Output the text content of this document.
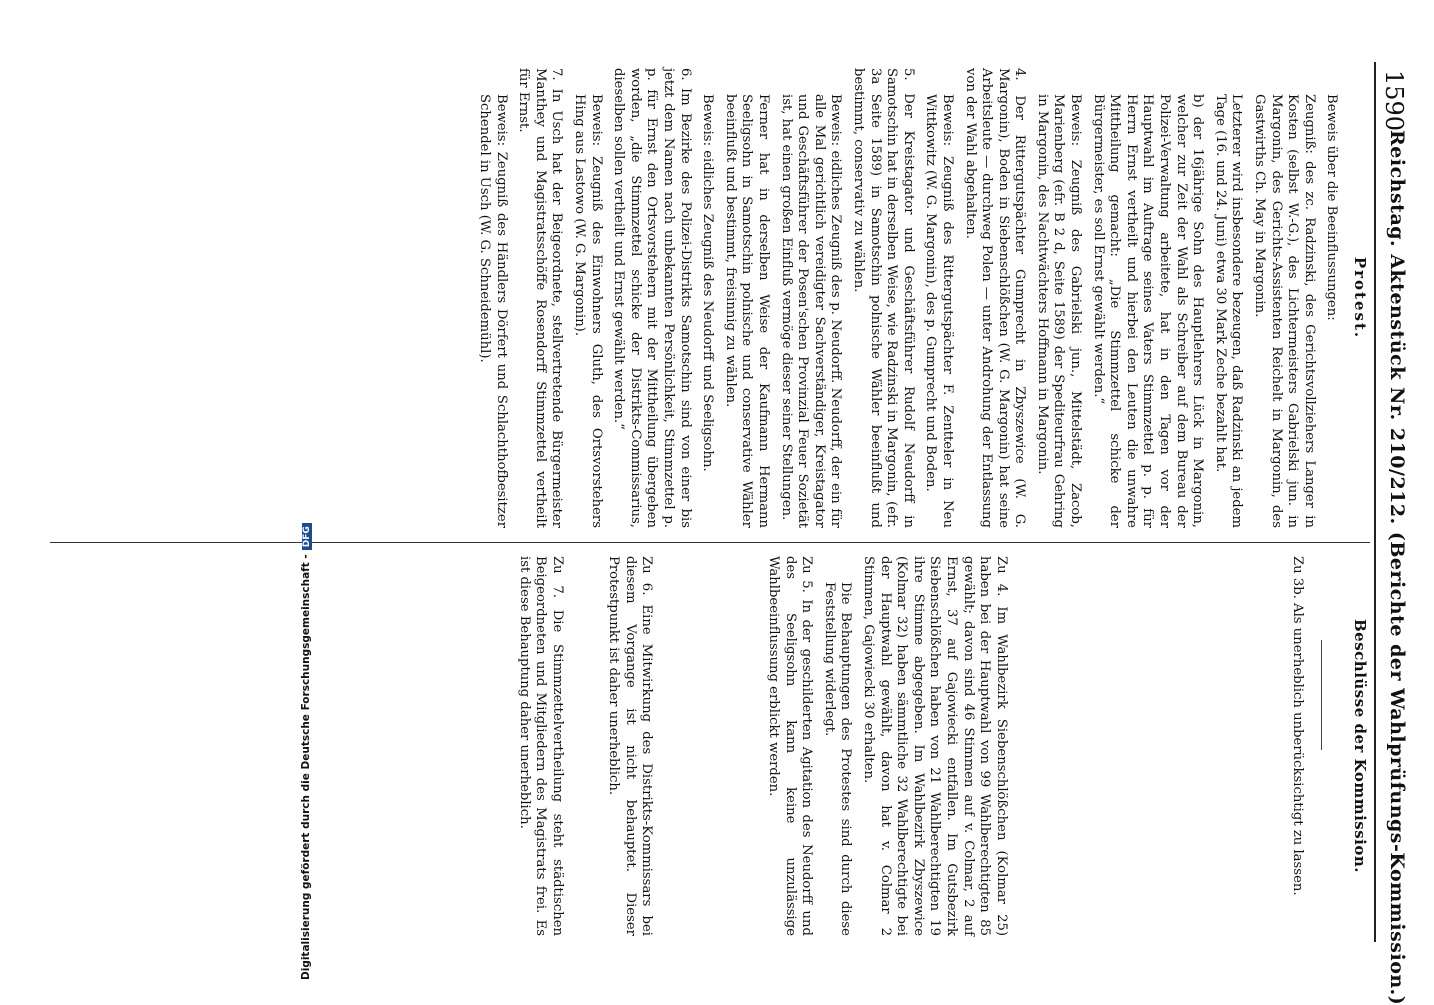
1590
Reichstag. Aktenstück Nr. 210/212. (Berichte der Wahlprüfungs-Kommission.)
Protest.

Beweis über die Beeinflussungen:

Zeugniß: des zc. Radzinski, des Gerichtsvollziehers Langer in Kosten (selbst W.-G.), des Lichtermeisters Gabrielski jun. in Margonin, des Gerichts-Assistenten Reichelt in Margonin, des Gastwirths Ch. May in Margonin.

Letzterer wird insbesondere bezeugen, daß Radzinski an jedem Tage (16. und 24. Juni) etwa 30 Mark Zeche bezahlt hat.

b) der 16jährige Sohn des Hauptlehrers Lück in Margonin, welcher zur Zeit der Wahl als Schreiber auf dem Bureau der Polizei-Verwaltung arbeitete, hat in den Tagen vor der Hauptwahl im Auftrage seines Vaters Stimmzettel p. p. für Herrn Ernst vertheilt und hierbei den Leuten die unwahre Mittheilung gemacht: „Die Stimmzettel schicke der Bürgermeister, es soll Ernst gewählt werden.“

Beweis: Zeugniß des Gabrielski jun., Mittelstädt, Zacob, Marienberg (efr. B 2 d, Seite 1589) der Spediteurfrau Gehring in Margonin, des Nachtwächters Hoffmann in Margonin.

4. Der Rittergutspächter Gumprecht in Zbyszewice (W. G. Margonin), Boden in Siebenschlößchen (W. G. Margonin) hat seine Arbeitsleute — durchweg Polen — unter Androhung der Entlassung von der Wahl abgehalten.

Beweis: Zeugniß des Rittergutspächter F. Zentteler in Neu Wittkowitz (W. G. Margonin), des p. Gumprecht und Boden.

5. Der Kreistagator und Geschäftsführer Rudolf Neudorff in Samotschin hat in derselben Weise, wie Radzinski in Margonin, (efr. 3a Seite 1589) in Samotschin polnische Wähler beeinflußt und bestimmt, conservativ zu wählen.

Beweis: eidliches Zeugniß des p. Neudorff. Neudorff, der ein für alle Mal gerichtlich vereidigter Sachverständiger, Kreistagator und Geschäftsführer der Posen'schen Provinzial Feuer Sozietät ist, hat einen großen Einfluß vermöge dieser seiner Stellungen.

Ferner hat in derselben Weise der Kaufmann Hermann Seeligsohn in Samotschin polnische und conservative Wähler beeinflußt und bestimmt, freisinnig zu wählen.

Beweis: eidliches Zeugniß des Neudorff und Seeligsohn.

6. Im Bezirke des Polizei-Distrikts Samotschin sind von einer bis jetzt dem Namen nach unbekannten Persönlichkeit, Stimmzettel p. p. für Ernst den Ortsvorstehern mit der Mittheilung übergeben worden, „die Stimmzettel schicke der Distrikts-Commissarius, dieselben sollen vertheilt und Ernst gewählt werden.“

Beweis: Zeugniß des Einwohners Gluth, des Ortsvorstehers Hing aus Lastowo (W. G. Margonin).

7. In Usch hat der Beigeordnete, stellvertretende Bürgermeister Manthey und Magistratsschöffe Rosendorff Stimmzettel vertheilt für Ernst.

Beweis: Zeugniß des Händlers Dörfert und Schlachthofbesitzer Schendel in Usch (W. G. Schneidemühl).

Beschlüsse der Kommission.

Zu 3b. Als unerheblich unberücksichtigt zu lassen.

Zu 4. Im Wahlbezirk Siebenschlößchen (Kolmar 25) haben bei der Hauptwahl von 99 Wahlberechtigten 85 gewählt; davon sind 46 Stimmen auf v. Colmar, 2 auf Ernst, 37 auf Gajowiecki entfallen. Im Gutsbezirk Siebenschlößchen haben von 21 Wahlberechtigten 19 ihre Stimme abgegeben. Im Wahlbezirk Zbyszewice (Kolmar 32) haben sämmtliche 32 Wahlberechtigte bei der Hauptwahl gewählt, davon hat v. Colmar 2 Stimmen, Gajowiecki 30 erhalten.

Die Behauptungen des Protestes sind durch diese Feststellung widerlegt.

Zu 5. In der geschilderten Agitation des Neudorff und des Seeligsohn kann keine unzulässige Wahlbeeinflussung erblickt werden.

Zu 6. Eine Mitwirkung des Distrikts-Kommissars bei diesem Vorgange ist nicht behauptet. Dieser Protestpunkt ist daher unerheblich.

Zu 7. Die Stimmzettelvertheilung steht städtischen Beigeordneten und Mitgliedern des Magistrats frei. Es ist diese Behauptung daher unerheblich.

Digitalisierung gefördert durch die Deutsche Forschungsgemeinschaft -DFG
